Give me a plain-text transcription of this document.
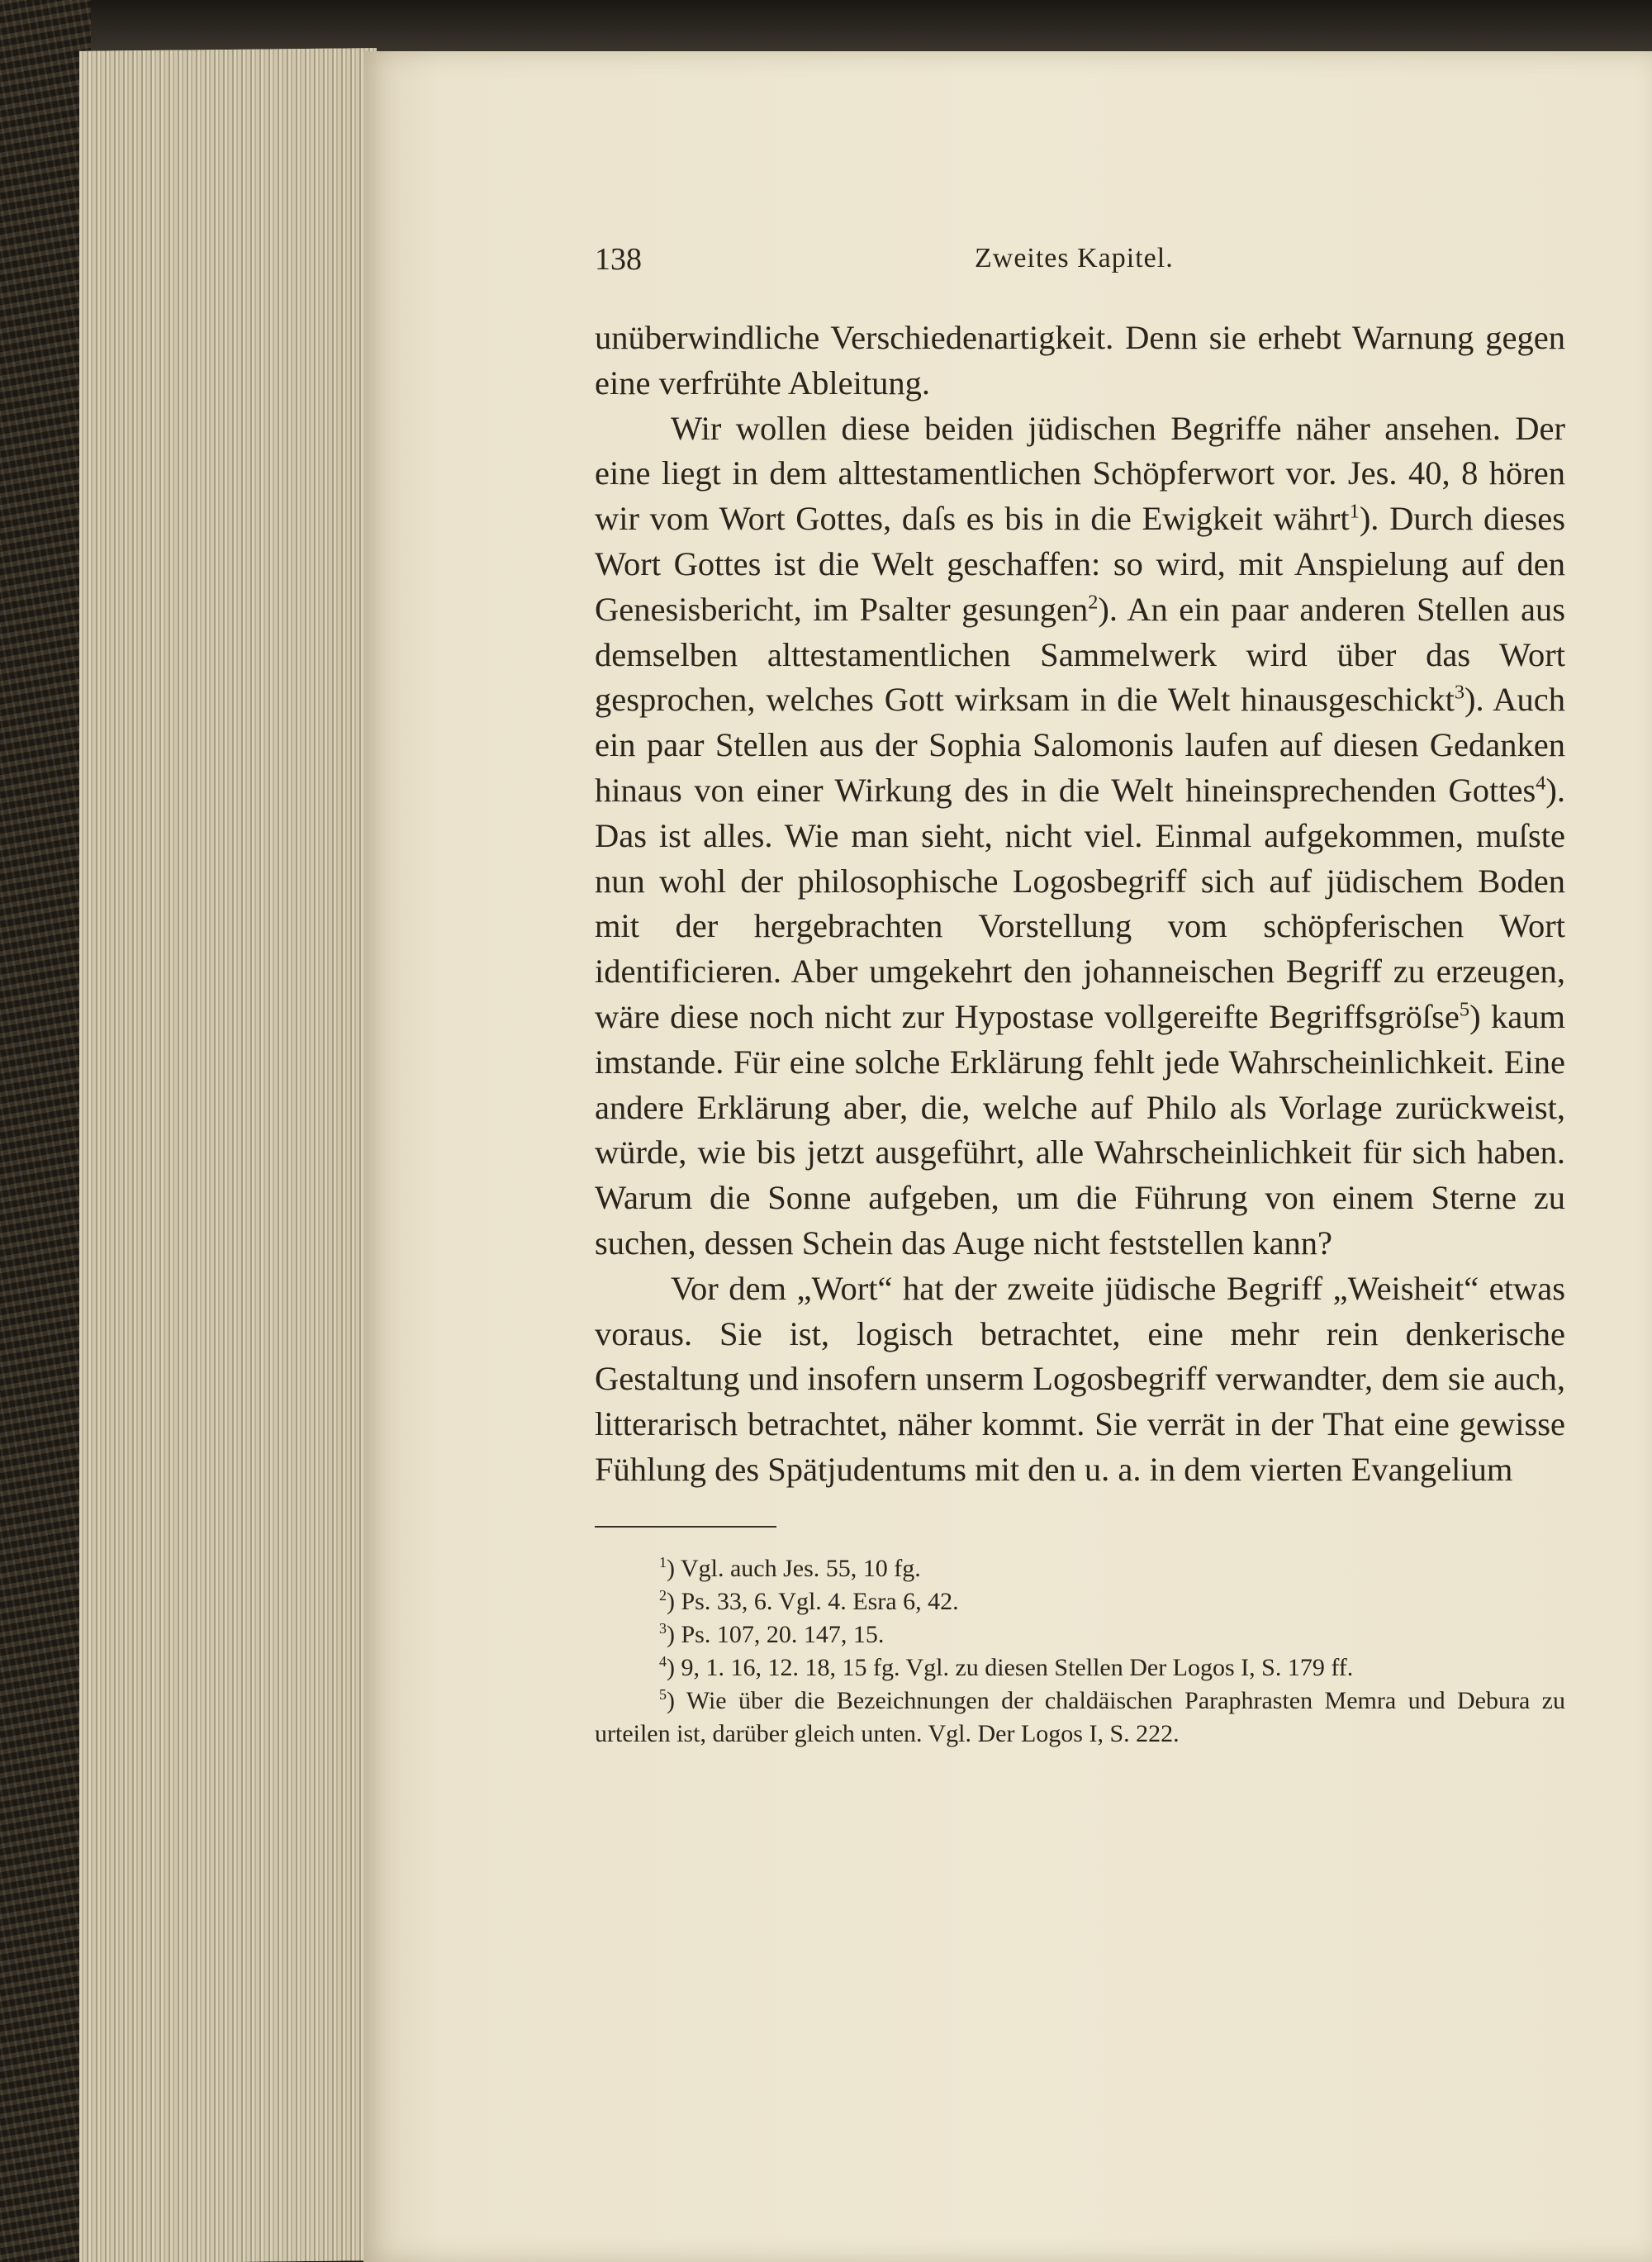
138	Zweites Kapitel.

unüberwindliche Verschiedenartigkeit. Denn sie erhebt Warnung gegen eine verfrühte Ableitung.

Wir wollen diese beiden jüdischen Begriffe näher ansehen. Der eine liegt in dem alttestamentlichen Schöpferwort vor. Jes. 40, 8 hören wir vom Wort Gottes, daſs es bis in die Ewigkeit währt$^1$). Durch dieses Wort Gottes ist die Welt geschaffen: so wird, mit Anspielung auf den Genesisbericht, im Psalter gesungen$^2$). An ein paar anderen Stellen aus demselben alttestamentlichen Sammelwerk wird über das Wort gesprochen, welches Gott wirksam in die Welt hinausgeschickt$^3$). Auch ein paar Stellen aus der Sophia Salomonis laufen auf diesen Gedanken hinaus von einer Wirkung des in die Welt hineinsprechenden Gottes$^4$). Das ist alles. Wie man sieht, nicht viel. Einmal aufgekommen, muſste nun wohl der philosophische Logosbegriff sich auf jüdischem Boden mit der hergebrachten Vorstellung vom schöpferischen Wort identificieren. Aber umgekehrt den johanneischen Begriff zu erzeugen, wäre diese noch nicht zur Hypostase vollgereifte Begriffsgröſse$^5$) kaum imstande. Für eine solche Erklärung fehlt jede Wahrscheinlichkeit. Eine andere Erklärung aber, die, welche auf Philo als Vorlage zurückweist, würde, wie bis jetzt ausgeführt, alle Wahrscheinlichkeit für sich haben. Warum die Sonne aufgeben, um die Führung von einem Sterne zu suchen, dessen Schein das Auge nicht feststellen kann?

Vor dem „Wort“ hat der zweite jüdische Begriff „Weisheit“ etwas voraus. Sie ist, logisch betrachtet, eine mehr rein denkerische Gestaltung und insofern unserm Logosbegriff verwandter, dem sie auch, litterarisch betrachtet, näher kommt. Sie verrät in der That eine gewisse Fühlung des Spätjudentums mit den u. a. in dem vierten Evangelium

$^1$) Vgl. auch Jes. 55, 10 fg.

$^2$) Ps. 33, 6. Vgl. 4. Esra 6, 42.

$^3$) Ps. 107, 20. 147, 15.

$^4$) 9, 1. 16, 12. 18, 15 fg. Vgl. zu diesen Stellen Der Logos I, S. 179 ff.

$^5$) Wie über die Bezeichnungen der chaldäischen Paraphrasten Memra und Debura zu urteilen ist, darüber gleich unten. Vgl. Der Logos I, S. 222.
